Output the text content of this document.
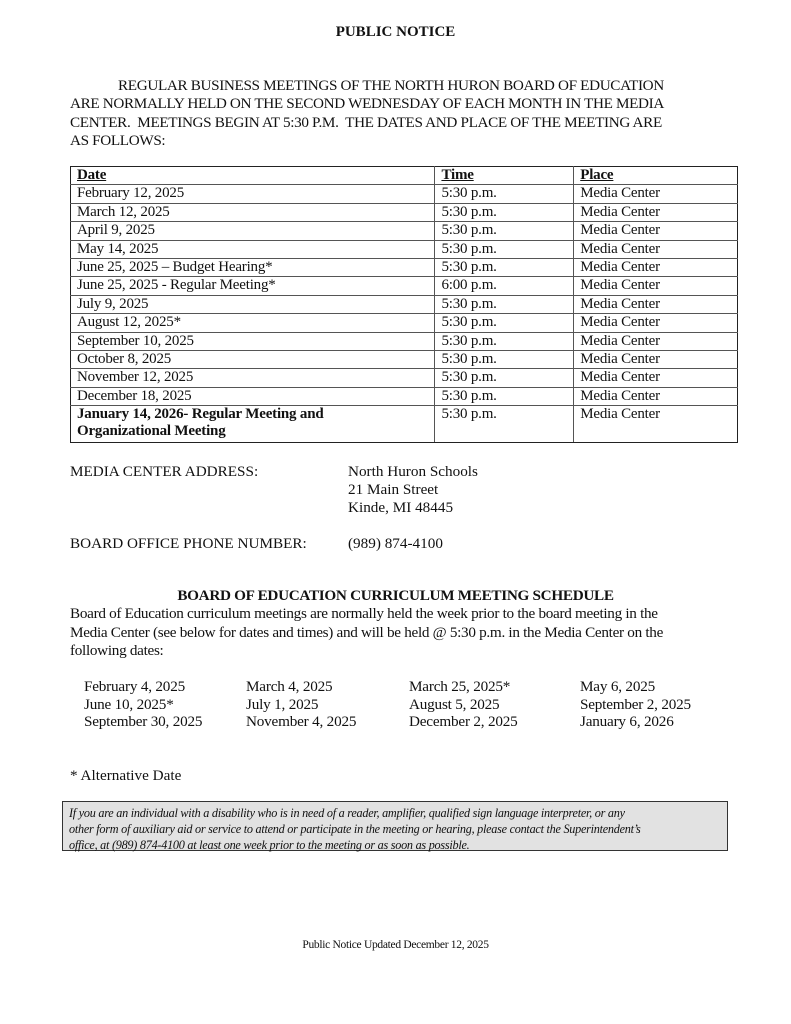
PUBLIC NOTICE
REGULAR BUSINESS MEETINGS OF THE NORTH HURON BOARD OF EDUCATION
ARE NORMALLY HELD ON THE SECOND WEDNESDAY OF EACH MONTH IN THE MEDIA
CENTER.  MEETINGS BEGIN AT 5:30 P.M.  THE DATES AND PLACE OF THE MEETING ARE
AS FOLLOWS:
Date	Time	Place
February 12, 2025	5:30 p.m.	Media Center
March 12, 2025	5:30 p.m.	Media Center
April 9, 2025	5:30 p.m.	Media Center
May 14, 2025	5:30 p.m.	Media Center
June 25, 2025 – Budget Hearing*	5:30 p.m.	Media Center
June 25, 2025 - Regular Meeting*	6:00 p.m.	Media Center
July 9, 2025	5:30 p.m.	Media Center
August 12, 2025*	5:30 p.m.	Media Center
September 10, 2025	5:30 p.m.	Media Center
October 8, 2025	5:30 p.m.	Media Center
November 12, 2025	5:30 p.m.	Media Center
December 18, 2025	5:30 p.m.	Media Center

January 14, 2026- Regular Meeting and
Organizational Meeting	5:30 p.m.	Media Center
MEDIA CENTER ADDRESS:	North Huron Schools
21 Main Street
Kinde, MI 48445
BOARD OFFICE PHONE NUMBER:	(989) 874-4100
BOARD OF EDUCATION CURRICULUM MEETING SCHEDULE
Board of Education curriculum meetings are normally held the week prior to the board meeting in the
Media Center (see below for dates and times) and will be held @ 5:30 p.m. in the Media Center on the
following dates:
February 4, 2025	March 4, 2025	March 25, 2025*	May 6, 2025
June 10, 2025*	July 1, 2025	August 5, 2025	September 2, 2025
September 30, 2025	November 4, 2025	December 2, 2025	January 6, 2026
* Alternative Date
If you are an individual with a disability who is in need of a reader, amplifier, qualified sign language interpreter, or any
other form of auxiliary aid or service to attend or participate in the meeting or hearing, please contact the Superintendent’s
office, at (989) 874-4100 at least one week prior to the meeting or as soon as possible.
Public Notice Updated December 12, 2025
